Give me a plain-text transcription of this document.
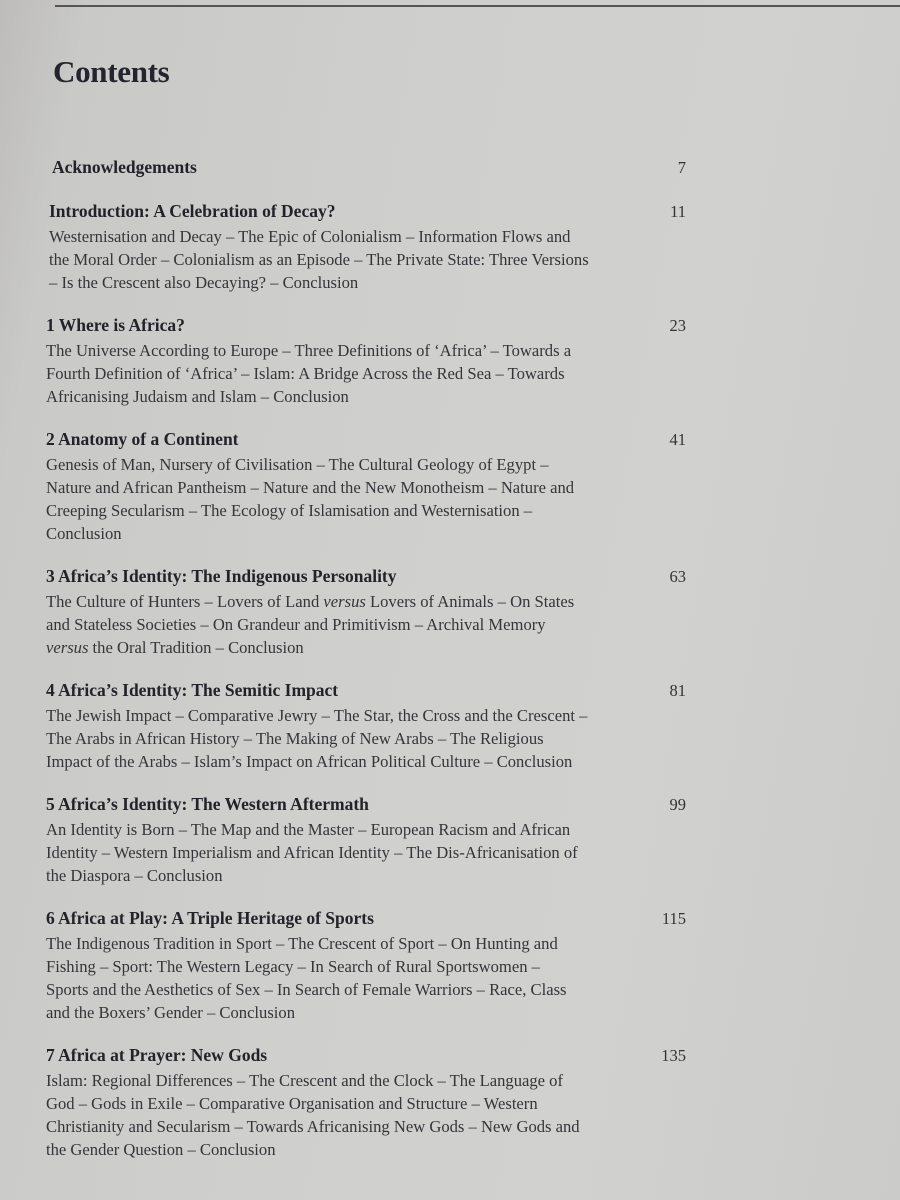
Contents
Acknowledgements	7
Introduction: A Celebration of Decay?	11
Westernisation and Decay – The Epic of Colonialism – Information Flows and
the Moral Order – Colonialism as an Episode – The Private State: Three Versions
– Is the Crescent also Decaying? – Conclusion
1 Where is Africa?	23
The Universe According to Europe – Three Definitions of ‘Africa’ – Towards a
Fourth Definition of ‘Africa’ – Islam: A Bridge Across the Red Sea – Towards
Africanising Judaism and Islam – Conclusion
2 Anatomy of a Continent	41
Genesis of Man, Nursery of Civilisation – The Cultural Geology of Egypt –
Nature and African Pantheism – Nature and the New Monotheism – Nature and
Creeping Secularism – The Ecology of Islamisation and Westernisation –
Conclusion
3 Africa’s Identity: The Indigenous Personality	63
The Culture of Hunters – Lovers of Land versus Lovers of Animals – On States
and Stateless Societies – On Grandeur and Primitivism – Archival Memory
versus the Oral Tradition – Conclusion
4 Africa’s Identity: The Semitic Impact	81
The Jewish Impact – Comparative Jewry – The Star, the Cross and the Crescent –
The Arabs in African History – The Making of New Arabs – The Religious
Impact of the Arabs – Islam’s Impact on African Political Culture – Conclusion
5 Africa’s Identity: The Western Aftermath	99
An Identity is Born – The Map and the Master – European Racism and African
Identity – Western Imperialism and African Identity – The Dis-Africanisation of
the Diaspora – Conclusion
6 Africa at Play: A Triple Heritage of Sports	115
The Indigenous Tradition in Sport – The Crescent of Sport – On Hunting and
Fishing – Sport: The Western Legacy – In Search of Rural Sportswomen –
Sports and the Aesthetics of Sex – In Search of Female Warriors – Race, Class
and the Boxers’ Gender – Conclusion
7 Africa at Prayer: New Gods	135
Islam: Regional Differences – The Crescent and the Clock – The Language of
God – Gods in Exile – Comparative Organisation and Structure – Western
Christianity and Secularism – Towards Africanising New Gods – New Gods and
the Gender Question – Conclusion
